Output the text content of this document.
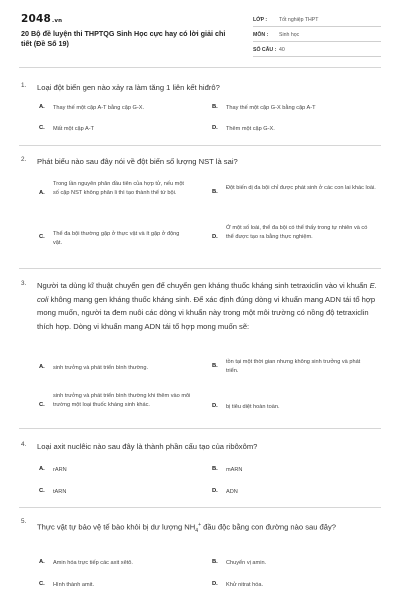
2048.vn
20 Bộ đề luyện thi THPTQG Sinh Học cực hay có lời giải chi tiết (Đề Số 19)
LỚP :	Tốt nghiệp THPT
MÔN :	Sinh học
SỐ CÂU : 40
1. Loại đột biến gen nào xảy ra làm tăng 1 liên kết hiđrô?
A.	Thay thế một cặp A-T bằng cặp G-X.	B.	Thay thế một cặp G-X bằng cặp A-T
C.	Mất một cặp A-T	D.	Thêm một cặp G-X.
2. Phát biểu nào sau đây nói về đột biến số lượng NST là sai?
A.
Trong lần nguyên phân đầu tiên của hợp tử, nếu một số cặp NST không phân li thì tạo thành thể tứ bội.	B.
Đột biến dị đa bội chỉ được phát sinh ở các con lai khác loài.
C.	Thể đa bội thường gặp ở thực vật và ít gặp ở động vật.
D.
Ở một số loài, thể đa bội có thể thấy trong tự nhiên và có thể được tạo ra bằng thực nghiệm.
3. Người ta dùng kĩ thuật chuyển gen để chuyển gen kháng thuốc kháng sinh tetraxiclin vào vi khuẩn E. coli không mang gen kháng thuốc kháng sinh. Để xác định đúng dòng vi khuẩn mang ADN tái tổ hợp mong muốn, người ta đem nuôi các dòng vi khuẩn này trong một môi trường có nồng độ tetraxiclin thích hợp. Dòng vi khuẩn mang ADN tái tổ hợp mong muốn sẽ:
A.	sinh trưởng và phát triển bình thường.	B.
tồn tại một thời gian nhưng không sinh trưởng và phát triển.
C.
sinh trưởng và phát triển bình thường khi thêm vào môi trường một loại thuốc kháng sinh khác.	D.	bị tiêu diệt hoàn toàn.
4. Loại axit nuclêic nào sau đây là thành phần cấu tạo của ribôxôm?
A.	rARN	B.	mARN
C.	tARN	D.	ADN
5.
Thực vật tự bảo vệ tế bào khỏi bị dư lượng $NH_4^+$ đầu độc bằng con đường nào sau đây?
A.	Amin hóa trực tiếp các axit xêtô.	B.	Chuyển vị amin.
C.	Hình thành amit.	D.	Khử nitrat hóa.
